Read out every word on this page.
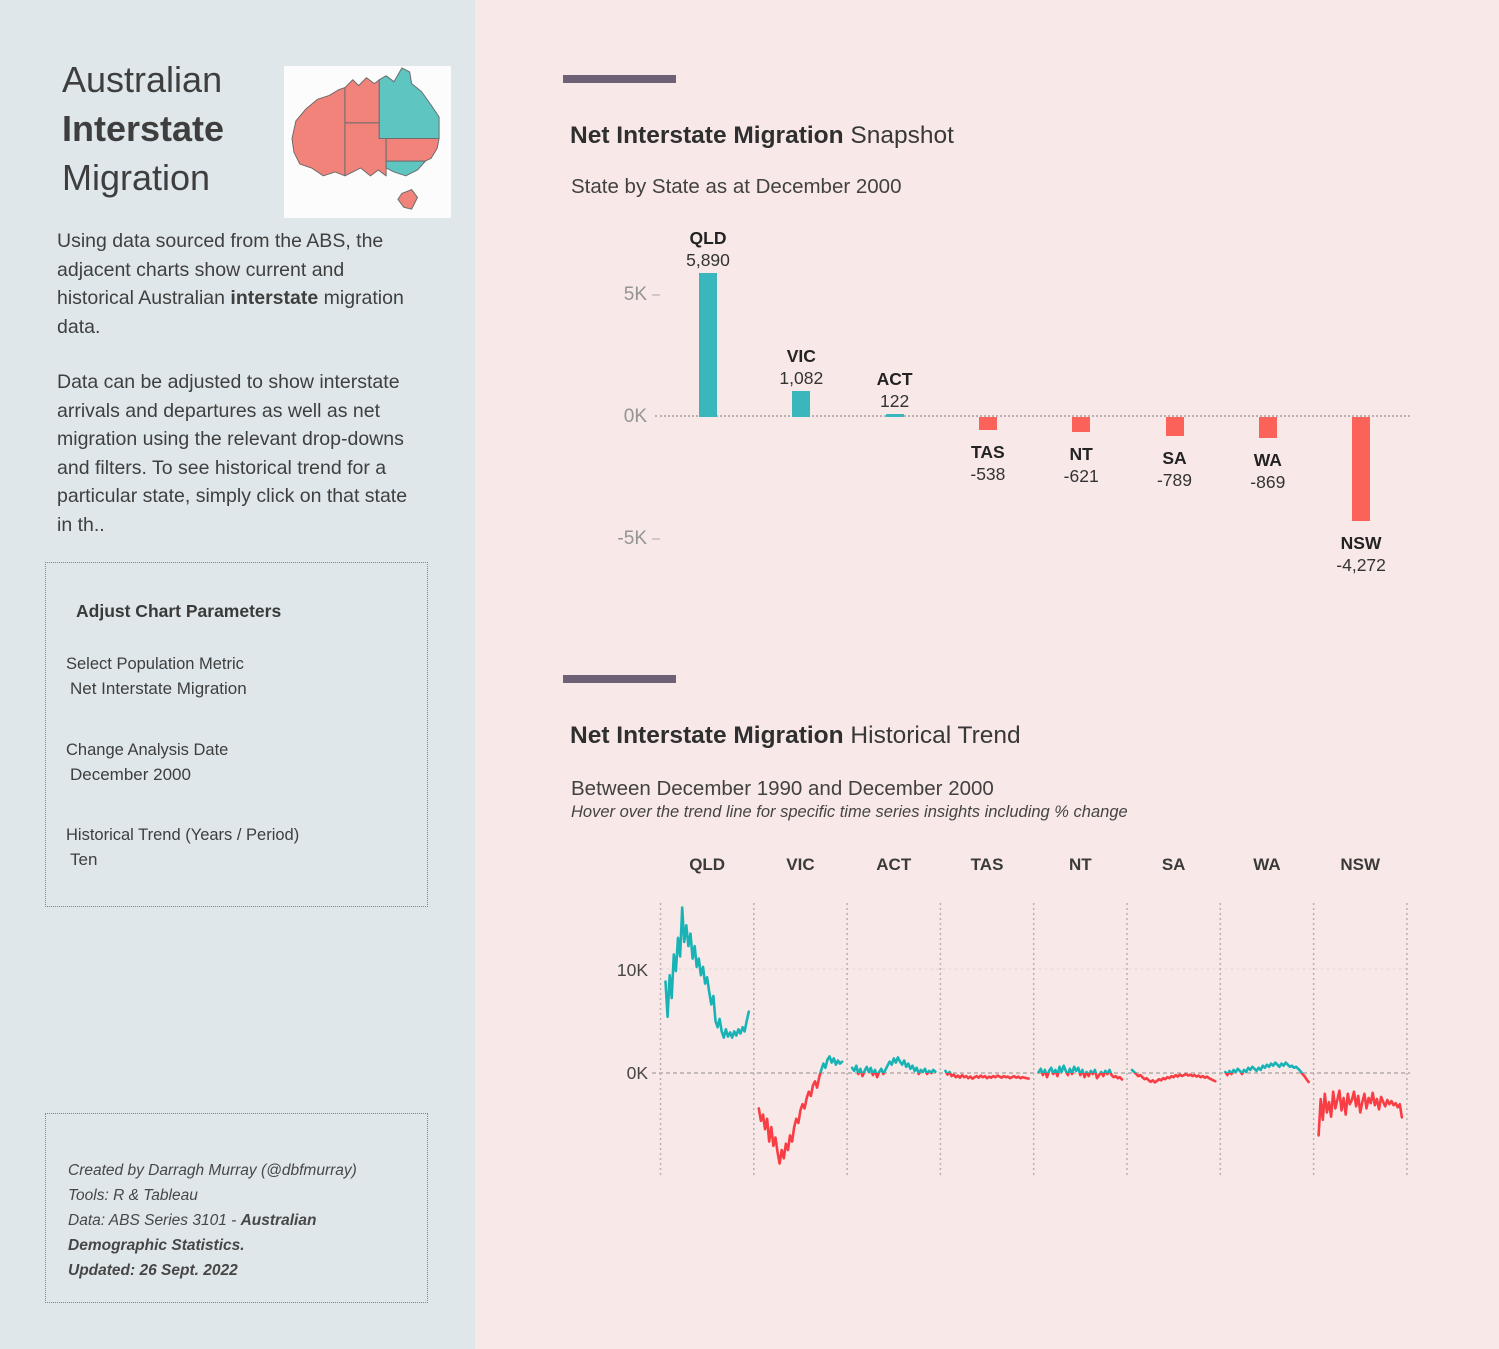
Australian
Interstate
Migration
Using data sourced from the ABS, the adjacent charts show current and historical Australian interstate migration data.
Data can be adjusted to show interstate arrivals and departures as well as net migration using the relevant drop-downs and filters. To see historical trend for a particular state, simply click on that state in th..
Adjust Chart Parameters
Select Population Metric
Net Interstate Migration
Change Analysis Date
December 2000
Historical Trend (Years / Period)
Ten
Created by Darragh Murray (@dbfmurray)
Tools: R & Tableau
Data: ABS Series 3101 - Australian Demographic Statistics.
Updated: 26 Sept. 2022
Net Interstate Migration Snapshot
State by State as at December 2000
5K
0K
-5K
QLD
5,890
VIC
1,082	ACT
122
TAS
-538
NT
-621
SA
-789
WA
-869
NSW
-4,272
Net Interstate Migration Historical Trend
Between December 1990 and December 2000
Hover over the trend line for specific time series insights including % change
QLD	VIC	ACT	TAS	NT	SA	WA	NSW
10K
0K
